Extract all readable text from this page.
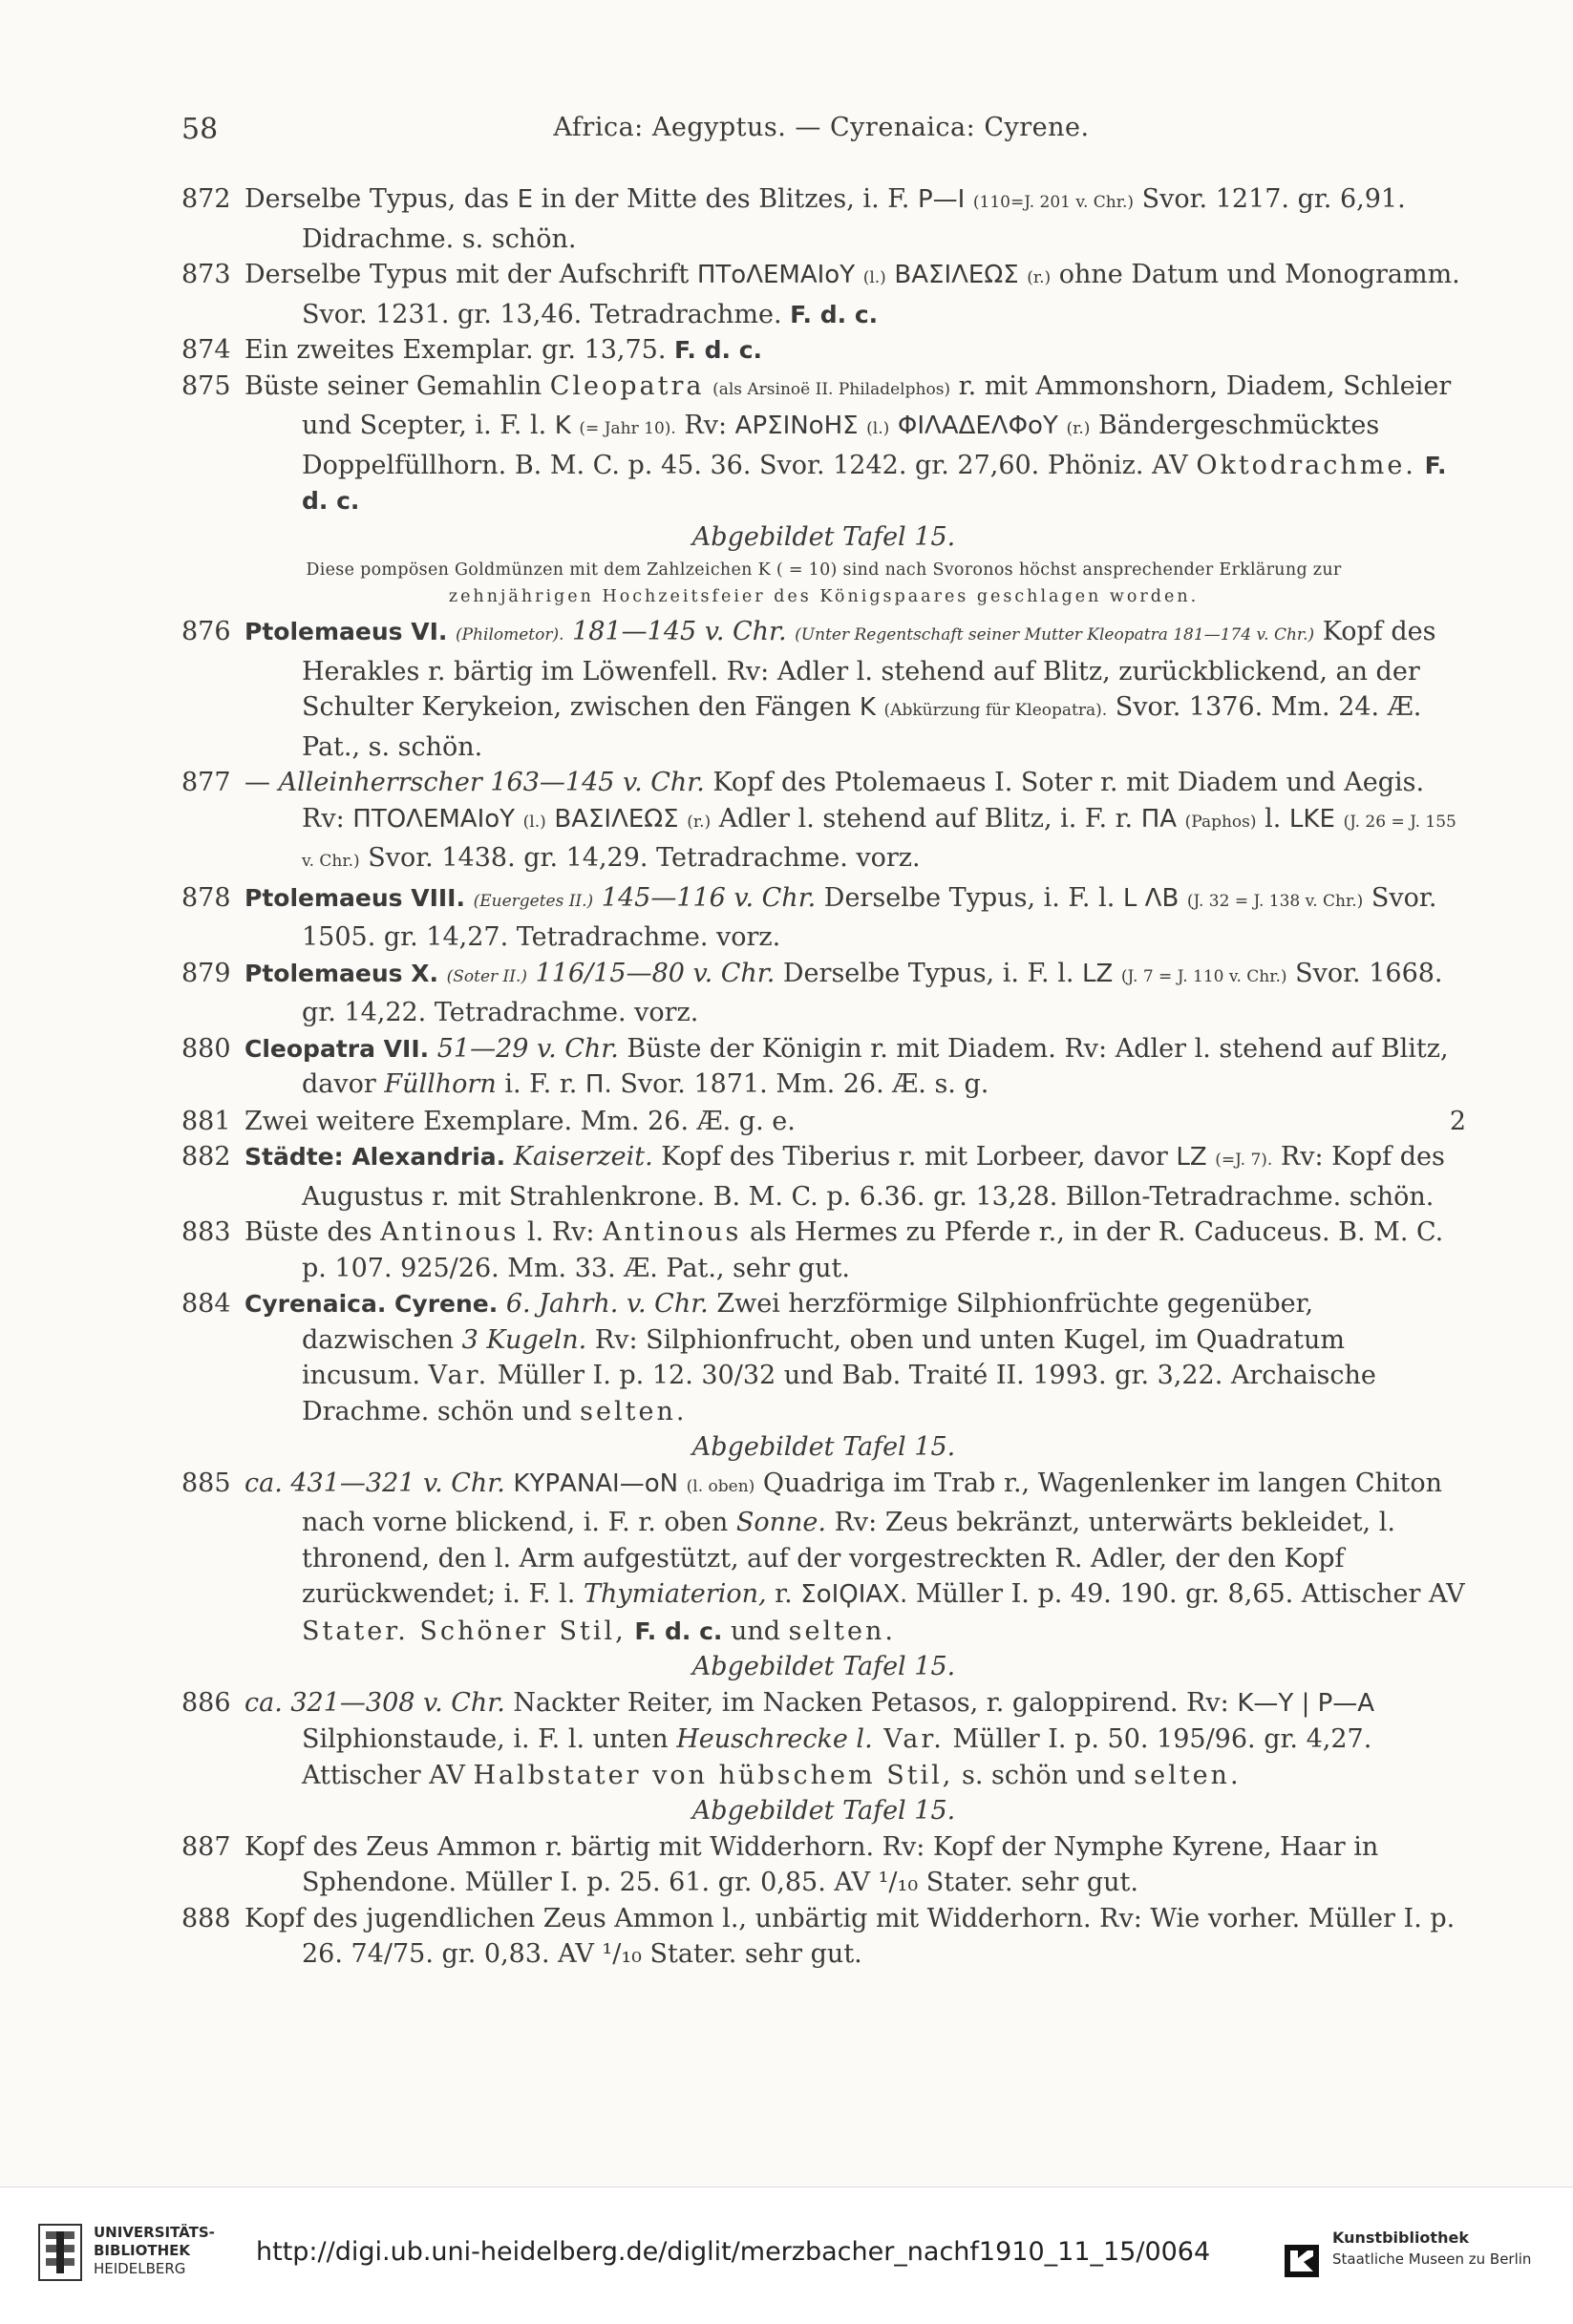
58	Africa: Aegyptus. — Cyrenaica: Cyrene.

872 Derselbe Typus, das E in der Mitte des Blitzes, i. F. P—I (110=J. 201 v. Chr.) Svor. 1217. gr. 6,91. Didrachme. s. schön.

873 Derselbe Typus mit der Aufschrift ΠΤoΛΕΜΑΙoΥ (l.) ΒΑΣΙΛΕΩΣ (r.) ohne Datum und Monogramm. Svor. 1231. gr. 13,46. Tetradrachme. F. d. c.

874 Ein zweites Exemplar. gr. 13,75. F. d. c.

875 Büste seiner Gemahlin Cleopatra (als Arsinoë II. Philadelphos) r. mit Ammonshorn, Diadem, Schleier und Scepter, i. F. l. K (= Jahr 10). Rv: ΑΡΣΙΝoΗΣ (l.) ΦΙΛΑΔΕΛΦoΥ (r.) Bändergeschmücktes Doppelfüllhorn. B. M. C. p. 45. 36. Svor. 1242. gr. 27,60. Phöniz. AV Oktodrachme. F. d. c.

Abgebildet Tafel 15.

Diese pompösen Goldmünzen mit dem Zahlzeichen K ( = 10) sind nach Svoronos höchst ansprechender Erklärung zur
zehnjährigen Hochzeitsfeier des Königspaares geschlagen worden.

876 Ptolemaeus VI. (Philometor). 181—145 v. Chr. (Unter Regentschaft seiner Mutter Kleopatra 181—174 v. Chr.) Kopf des Herakles r. bärtig im Löwenfell. Rv: Adler l. stehend auf Blitz, zurückblickend, an der Schulter Kerykeion, zwischen den Fängen K (Abkürzung für Kleopatra). Svor. 1376. Mm. 24. Æ. Pat., s. schön.

877 — Alleinherrscher 163—145 v. Chr. Kopf des Ptolemaeus I. Soter r. mit Diadem und Aegis. Rv: ΠΤΟΛΕΜΑΙoΥ (l.) ΒΑΣΙΛΕΩΣ (r.) Adler l. stehend auf Blitz, i. F. r. ΠΑ (Paphos) l. LKE (J. 26 = J. 155 v. Chr.) Svor. 1438. gr. 14,29. Tetradrachme. vorz.

878 Ptolemaeus VIII. (Euergetes II.) 145—116 v. Chr. Derselbe Typus, i. F. l. L ΛΒ (J. 32 = J. 138 v. Chr.) Svor. 1505. gr. 14,27. Tetradrachme. vorz.

879 Ptolemaeus X. (Soter II.) 116/15—80 v. Chr. Derselbe Typus, i. F. l. LZ (J. 7 = J. 110 v. Chr.) Svor. 1668. gr. 14,22. Tetradrachme. vorz.

880 Cleopatra VII. 51—29 v. Chr. Büste der Königin r. mit Diadem. Rv: Adler l. stehend auf Blitz, davor Füllhorn i. F. r. Π. Svor. 1871. Mm. 26. Æ. s. g.

881 Zwei weitere Exemplare. Mm. 26. Æ. g. e.	2

882 Städte: Alexandria. Kaiserzeit. Kopf des Tiberius r. mit Lorbeer, davor LZ (=J. 7). Rv: Kopf des Augustus r. mit Strahlenkrone. B. M. C. p. 6.36. gr. 13,28. Billon-Tetradrachme. schön.

883 Büste des Antinous l. Rv: Antinous als Hermes zu Pferde r., in der R. Caduceus. B. M. C. p. 107. 925/26. Mm. 33. Æ. Pat., sehr gut.

884 Cyrenaica. Cyrene. 6. Jahrh. v. Chr. Zwei herzförmige Silphionfrüchte gegenüber, dazwischen 3 Kugeln. Rv: Silphionfrucht, oben und unten Kugel, im Quadratum incusum. Var. Müller I. p. 12. 30/32 und Bab. Traité II. 1993. gr. 3,22. Archaische Drachme. schön und selten.

Abgebildet Tafel 15.

885 ca. 431—321 v. Chr. ΚΥΡΑΝΑΙ—oΝ (l. oben) Quadriga im Trab r., Wagenlenker im langen Chiton nach vorne blickend, i. F. r. oben Sonne. Rv: Zeus bekränzt, unterwärts bekleidet, l. thronend, den l. Arm aufgestützt, auf der vorgestreckten R. Adler, der den Kopf zurückwendet; i. F. l. Thymiaterion, r. ΣoΙϘΙΑΧ. Müller I. p. 49. 190. gr. 8,65. Attischer AV Stater. Schöner Stil, F. d. c. und selten.

Abgebildet Tafel 15.

886 ca. 321—308 v. Chr. Nackter Reiter, im Nacken Petasos, r. galoppirend. Rv: K—Y | P—A Silphionstaude, i. F. l. unten Heuschrecke l. Var. Müller I. p. 50. 195/96. gr. 4,27. Attischer AV Halbstater von hübschem Stil, s. schön und selten.

Abgebildet Tafel 15.

887 Kopf des Zeus Ammon r. bärtig mit Widderhorn. Rv: Kopf der Nymphe Kyrene, Haar in Sphendone. Müller I. p. 25. 61. gr. 0,85. AV ¹/₁₀ Stater. sehr gut.

888 Kopf des jugendlichen Zeus Ammon l., unbärtig mit Widderhorn. Rv: Wie vorher. Müller I. p. 26. 74/75. gr. 0,83. AV ¹/₁₀ Stater. sehr gut.

UNIVERSITÄTS-
BIBLIOTHEK
HEIDELBERG
http://digi.ub.uni-heidelberg.de/diglit/merzbacher_nachf1910_11_15/0064	Kunstbibliothek
Staatliche Museen zu Berlin
